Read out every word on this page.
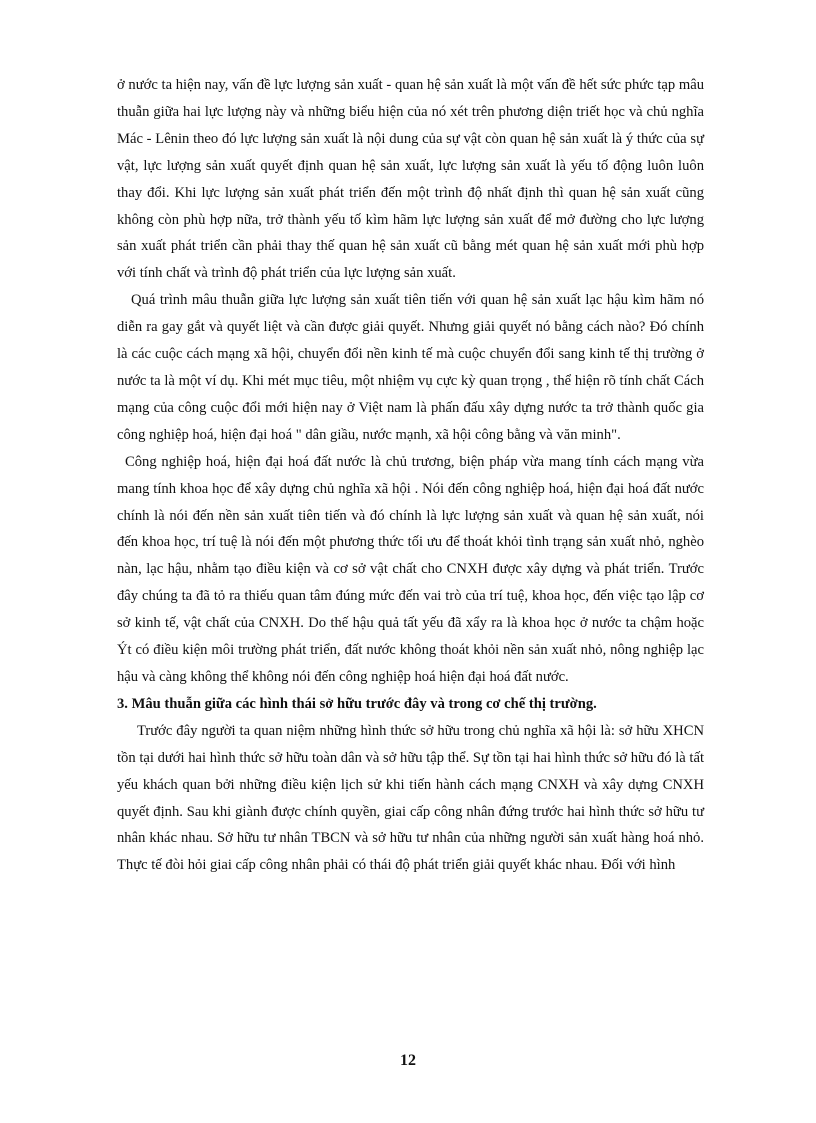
ở nước ta hiện nay, vấn đề lực lượng sản xuất - quan hệ sản xuất là một vấn đề hết sức phức tạp mâu thuẫn giữa hai lực lượng này và những biểu hiện của nó xét trên phương diện triết học và chủ nghĩa Mác - Lênin theo đó lực lượng sản xuất là nội dung của sự vật còn quan hệ sản xuất là ý thức của sự vật, lực lượng sản xuất quyết định quan hệ sản xuất, lực lượng sản xuất là yếu tố động luôn luôn thay đổi. Khi lực lượng sản xuất phát triển đến một trình độ nhất định thì quan hệ sản xuất cũng không còn phù hợp nữa, trở thành yếu tố kìm hãm lực lượng sản xuất để mở đường cho lực lượng sản xuất phát triển cần phải thay thế quan hệ sản xuất cũ bằng mét quan hệ sản xuất mới phù hợp với tính chất và trình độ phát triển của lực lượng sản xuất.

Quá trình mâu thuẫn giữa lực lượng sản xuất tiên tiến với quan hệ sản xuất lạc hậu kìm hãm nó diễn ra gay gắt và quyết liệt và cần được giải quyết. Nhưng giải quyết nó bằng cách nào? Đó chính là các cuộc cách mạng xã hội, chuyển đổi nền kinh tế mà cuộc chuyển đổi sang kinh tế thị trường ở nước ta là một ví dụ. Khi mét mục tiêu, một nhiệm vụ cực kỳ quan trọng , thể hiện rõ tính chất Cách mạng của công cuộc đổi mới hiện nay ở Việt nam là phấn đấu xây dựng nước ta trở thành quốc gia công nghiệp hoá, hiện đại hoá " dân giầu, nước mạnh, xã hội công bằng và văn minh".

Công nghiệp hoá, hiện đại hoá đất nước là chủ trương, biện pháp vừa mang tính cách mạng vừa mang tính khoa học để xây dựng chủ nghĩa xã hội . Nói đến công nghiệp hoá, hiện đại hoá đất nước chính là nói đến nền sản xuất tiên tiến và đó chính là lực lượng sản xuất và quan hệ sản xuất, nói đến khoa học, trí tuệ là nói đến một phương thức tối ưu để thoát khỏi tình trạng sản xuất nhỏ, nghèo nàn, lạc hậu, nhằm tạo điều kiện và cơ sở vật chất cho CNXH được xây dựng và phát triển. Trước đây chúng ta đã tỏ ra thiếu quan tâm đúng mức đến vai trò của trí tuệ, khoa học, đến việc tạo lập cơ sở kinh tế, vật chất của CNXH. Do thế hậu quả tất yếu đã xẩy ra là khoa học ở nước ta chậm hoặc Ýt có điều kiện môi trường phát triển, đất nước không thoát khỏi nền sản xuất nhỏ, nông nghiệp lạc hậu và càng không thể không nói đến công nghiệp hoá hiện đại hoá đất nước.

3. Mâu thuẫn giữa các hình thái sở hữu trước đây và trong cơ chế thị trường.

Trước đây người ta quan niệm những hình thức sở hữu trong chủ nghĩa xã hội là: sở hữu XHCN tồn tại dưới hai hình thức sở hữu toàn dân và sở hữu tập thể. Sự tồn tại hai hình thức sở hữu đó là tất yếu khách quan bởi những điều kiện lịch sử khi tiến hành cách mạng CNXH và xây dựng CNXH quyết định. Sau khi giành được chính quyền, giai cấp công nhân đứng trước hai hình thức sở hữu tư nhân khác nhau. Sở hữu tư nhân TBCN và sở hữu tư nhân của những người sản xuất hàng hoá nhỏ. Thực tế đòi hỏi giai cấp công nhân phải có thái độ phát triển giải quyết khác nhau. Đối với hình

12
